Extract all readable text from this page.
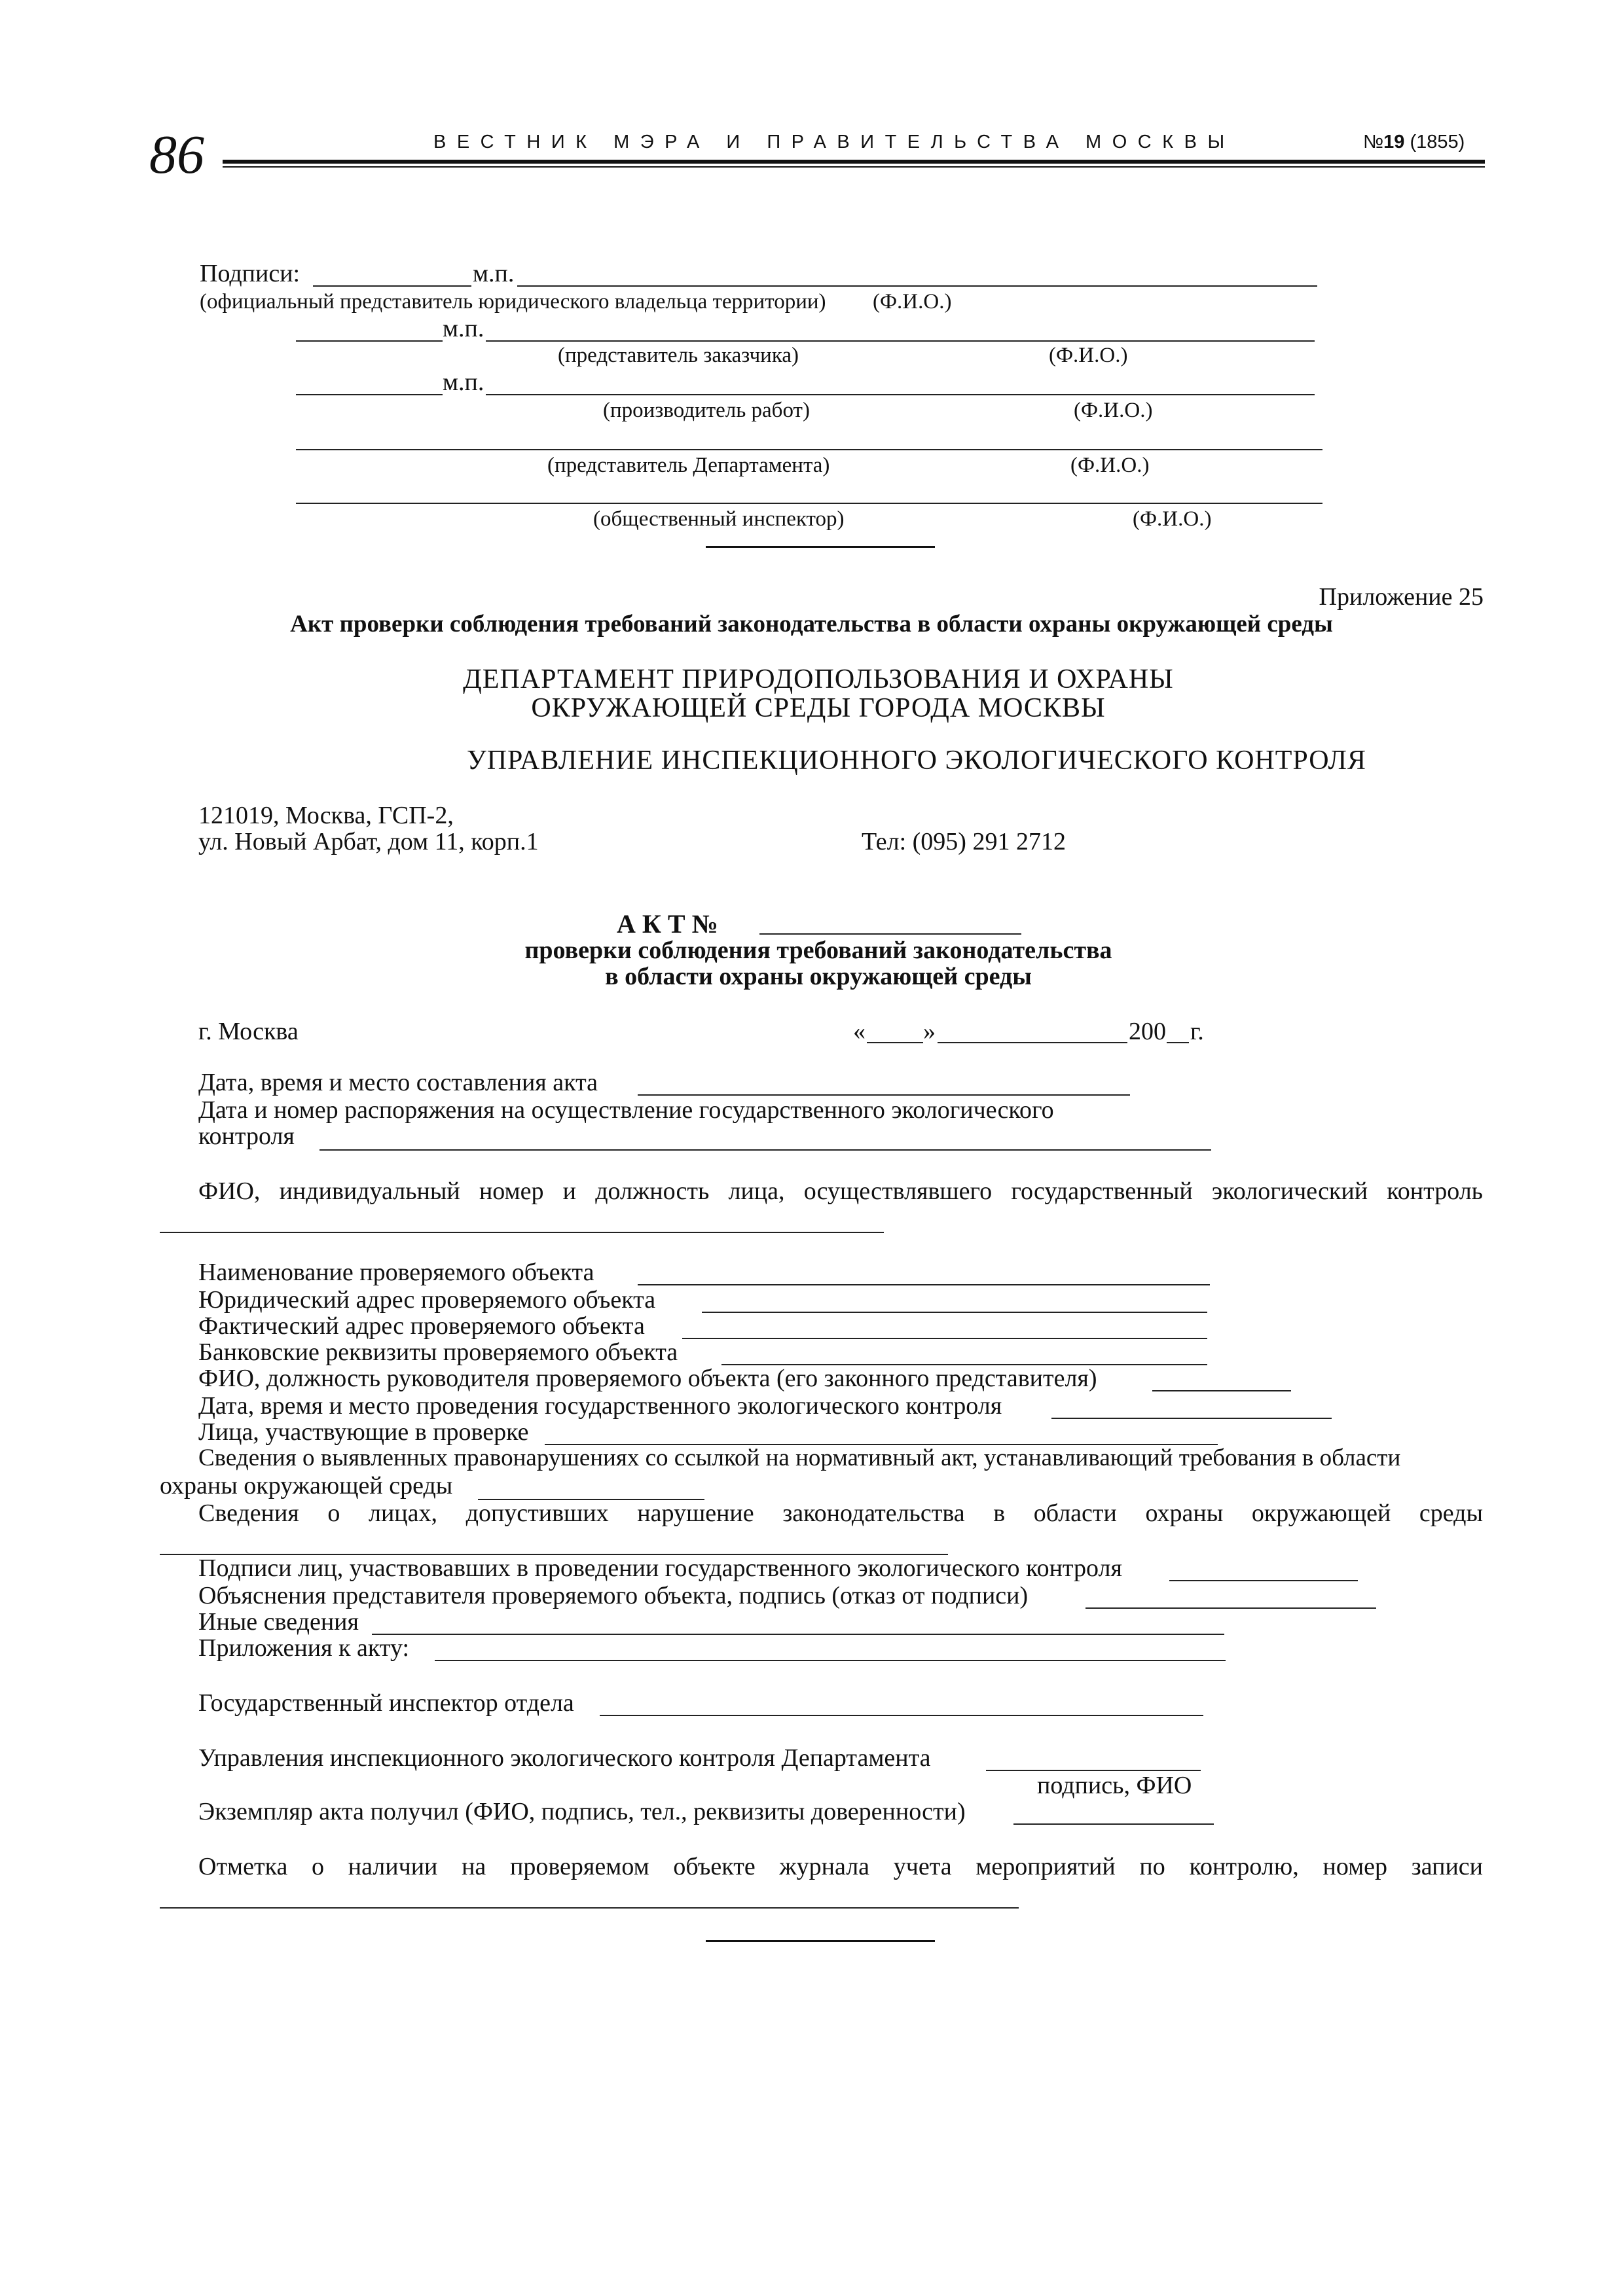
86	ВЕСТНИК МЭРА И ПРАВИТЕЛЬСТВА МОСКВЫ	№19 (1855)
Подписи:	м.п.
(официальный представитель юридического владельца территории) (Ф.И.О.)
м.п.
(представитель заказчика)	(Ф.И.О.)
м.п.
(производитель работ)	(Ф.И.О.)
(представитель Департамента)	(Ф.И.О.)
(общественный инспектор)	(Ф.И.О.)
Приложение 25
Акт проверки соблюдения требований законодательства в области охраны окружающей среды
ДЕПАРТАМЕНТ ПРИРОДОПОЛЬЗОВАНИЯ И ОХРАНЫ
ОКРУЖАЮЩЕЙ СРЕДЫ ГОРОДА МОСКВЫ
УПРАВЛЕНИЕ ИНСПЕКЦИОННОГО ЭКОЛОГИЧЕСКОГО КОНТРОЛЯ
121019, Москва, ГСП-2,
ул. Новый Арбат, дом 11, корп.1	Тел: (095) 291 2712
А К Т №
проверки соблюдения требований законодательства
в области охраны окружающей среды
г. Москва	« »	200 г.
Дата, время и место составления акта
Дата и номер распоряжения на осуществление государственного экологического
контроля
ФИО, индивидуальный номер и должность лица, осуществлявшего государственный экологический контроль
Наименование проверяемого объекта
Юридический адрес проверяемого объекта
Фактический адрес проверяемого объекта
Банковские реквизиты проверяемого объекта
ФИО, должность руководителя проверяемого объекта (его законного представителя)
Дата, время и место проведения государственного экологического контроля
Лица, участвующие в проверке
Сведения о выявленных правонарушениях со ссылкой на нормативный акт, устанавливающий требования в области
охраны окружающей среды
Сведения о лицах, допустивших нарушение законодательства в области охраны окружающей среды
Подписи лиц, участвовавших в проведении государственного экологического контроля
Объяснения представителя проверяемого объекта, подпись (отказ от подписи)
Иные сведения
Приложения к акту:
Государственный инспектор отдела
Управления инспекционного экологического контроля Департамента
подпись, ФИО
Экземпляр акта получил (ФИО, подпись, тел., реквизиты доверенности)
Отметка о наличии на проверяемом объекте журнала учета мероприятий по контролю, номер записи
